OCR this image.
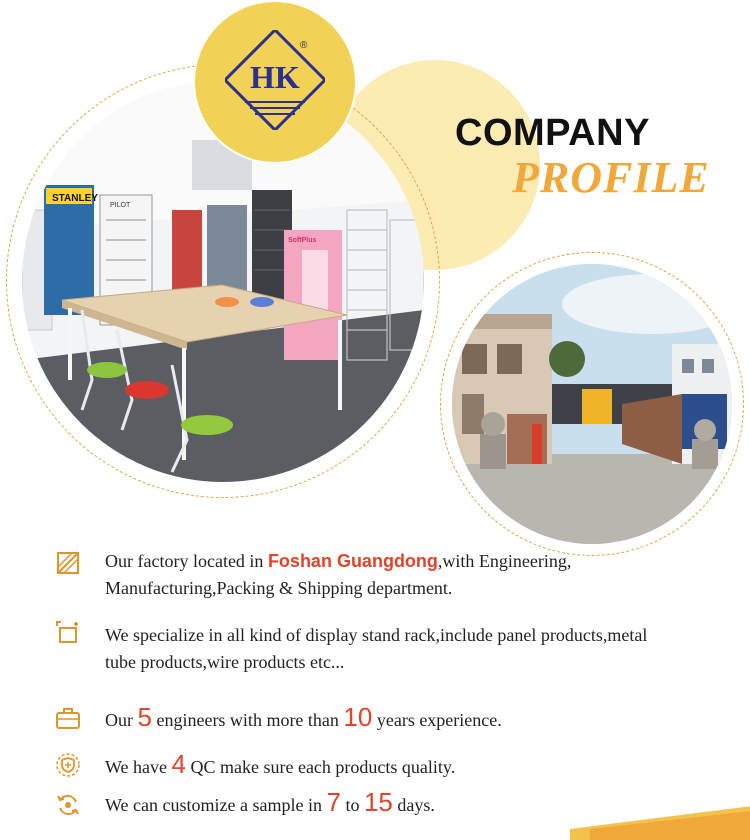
STANLEY
PILOT
SoftPlus
HK
®
COMPANY
PROFILE
Our factory located in Foshan Guangdong,with Engineering,
Manufacturing,Packing & Shipping department.
We specialize in all kind of display stand rack,include panel products,metal
tube products,wire products etc...
Our 5 engineers with more than 10 years experience.
We have 4 QC make sure each products quality.
We can customize a sample in 7 to 15 days.
